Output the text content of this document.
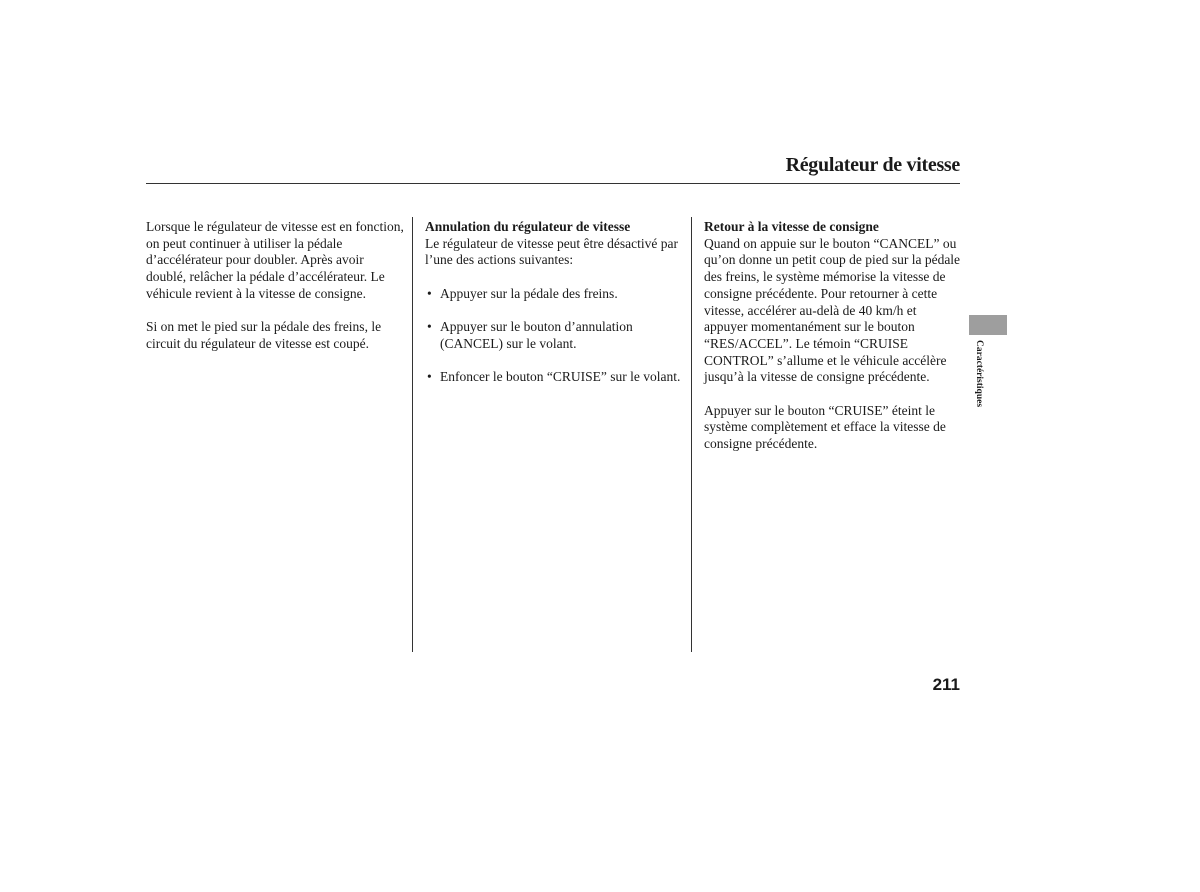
Régulateur de vitesse

Lorsque le régulateur de vitesse est en fonction, on peut continuer à utiliser la pédale d’accélérateur pour doubler. Après avoir doublé, relâcher la pédale d’accélérateur. Le véhicule revient à la vitesse de consigne.

Si on met le pied sur la pédale des freins, le circuit du régulateur de vitesse est coupé.

Annulation du régulateur de vitesse

Le régulateur de vitesse peut être désactivé par l’une des actions suivantes:

• Appuyer sur la pédale des freins.
• Appuyer sur le bouton d’annulation (CANCEL) sur le volant.
• Enfoncer le bouton “CRUISE” sur le volant.

Retour à la vitesse de consigne

Quand on appuie sur le bouton “CANCEL” ou qu’on donne un petit coup de pied sur la pédale des freins, le système mémorise la vitesse de consigne précédente. Pour retourner à cette vitesse, accélérer au-delà de 40 km/h et appuyer momentanément sur le bouton “RES/ACCEL”. Le témoin “CRUISE CONTROL” s’allume et le véhicule accélère jusqu’à la vitesse de consigne précédente.

Appuyer sur le bouton “CRUISE” éteint le système complètement et efface la vitesse de consigne précédente.

Caractéristiques
211
